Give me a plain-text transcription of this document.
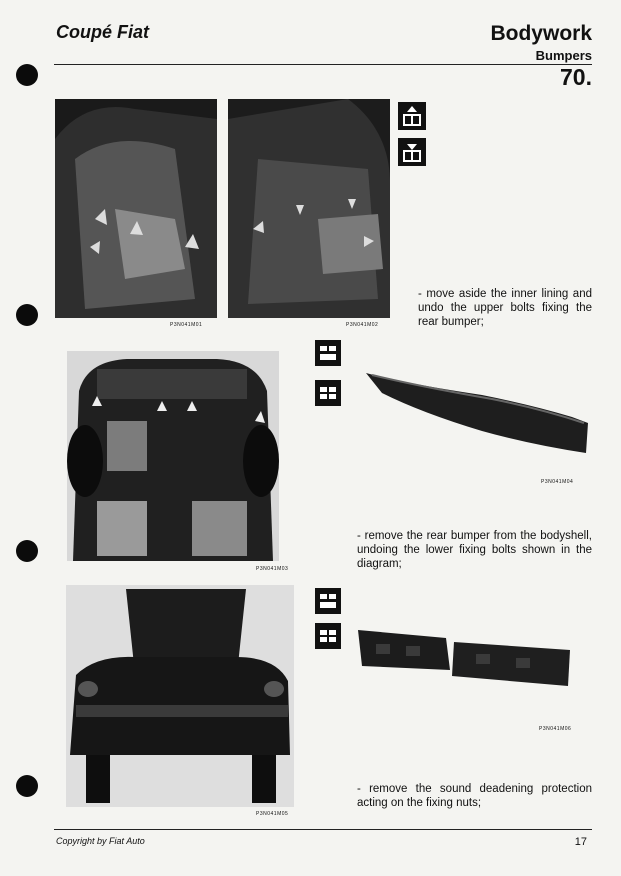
Coupé Fiat	Bodywork
Bumpers
70.
P3N041M01	P3N041M02
- move aside the inner lining and undo the upper bolts fixing the rear bumper;
P3N041M03
P3N041M04
- remove the rear bumper from the bodyshell, undoing the lower fixing bolts shown in the diagram;
P3N041M05
P3N041M06
- remove the sound deadening protection acting on the fixing nuts;
Copyright by Fiat Auto	17
